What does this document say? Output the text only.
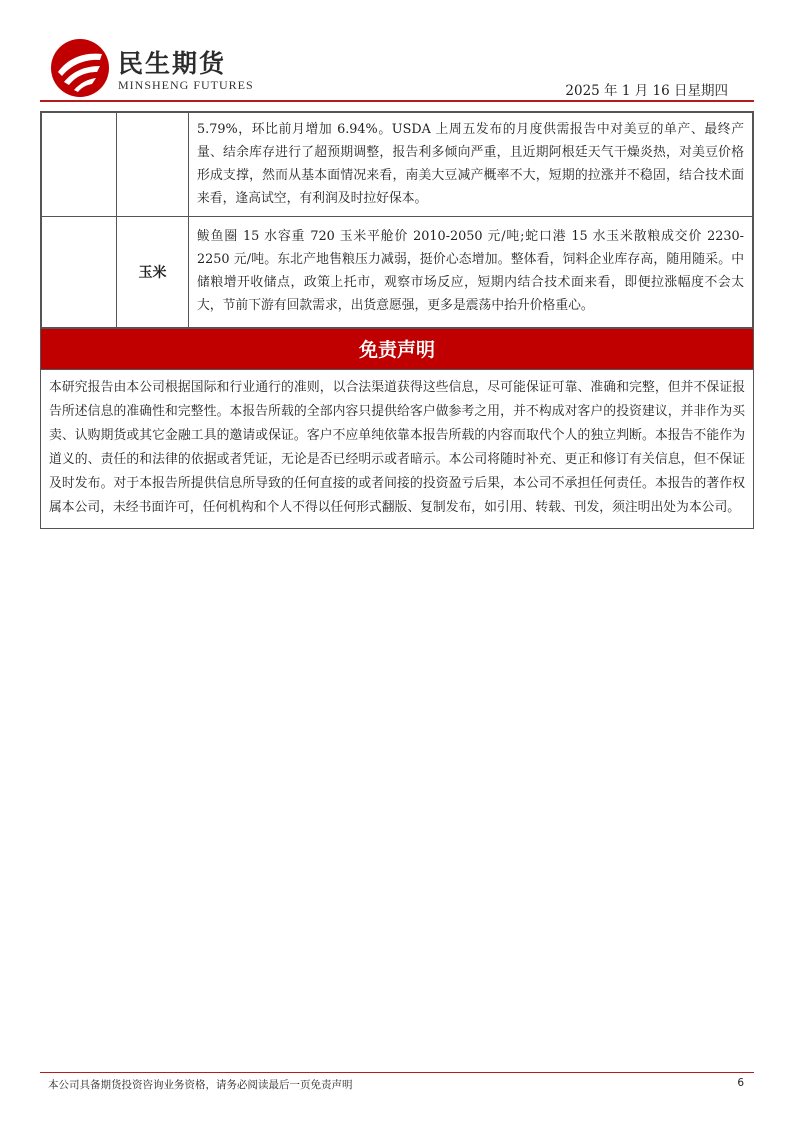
民生期货
MINSHENG FUTURES	2025 年 1 月 16 日星期四
		5.79%，环比前月增加 6.94%。USDA 上周五发布的月度供需报告中对美豆的单产、最终产量、结余库存进行了超预期调整，报告利多倾向严重，且近期阿根廷天气干燥炎热，对美豆价格形成支撑，然而从基本面情况来看，南美大豆减产概率不大，短期的拉涨并不稳固，结合技术面来看，逢高试空，有利润及时拉好保本。
	玉米	鲅鱼圈 15 水容重 720 玉米平舱价 2010-2050 元/吨;蛇口港 15 水玉米散粮成交价 2230-2250 元/吨。东北产地售粮压力减弱，挺价心态增加。整体看，饲料企业库存高，随用随采。中储粮增开收储点，政策上托市，观察市场反应，短期内结合技术面来看，即便拉涨幅度不会太大，节前下游有回款需求，出货意愿强，更多是震荡中抬升价格重心。
免责声明
本研究报告由本公司根据国际和行业通行的准则，以合法渠道获得这些信息，尽可能保证可靠、准确和完整，但并不保证报告所述信息的准确性和完整性。本报告所载的全部内容只提供给客户做参考之用，并不构成对客户的投资建议，并非作为买卖、认购期货或其它金融工具的邀请或保证。客户不应单纯依靠本报告所载的内容而取代个人的独立判断。本报告不能作为道义的、责任的和法律的依据或者凭证，无论是否已经明示或者暗示。本公司将随时补充、更正和修订有关信息，但不保证及时发布。对于本报告所提供信息所导致的任何直接的或者间接的投资盈亏后果，本公司不承担任何责任。本报告的著作权属本公司，未经书面许可，任何机构和个人不得以任何形式翻版、复制发布，如引用、转载、刊发，须注明出处为本公司。
本公司具备期货投资咨询业务资格，请务必阅读最后一页免责声明	6
